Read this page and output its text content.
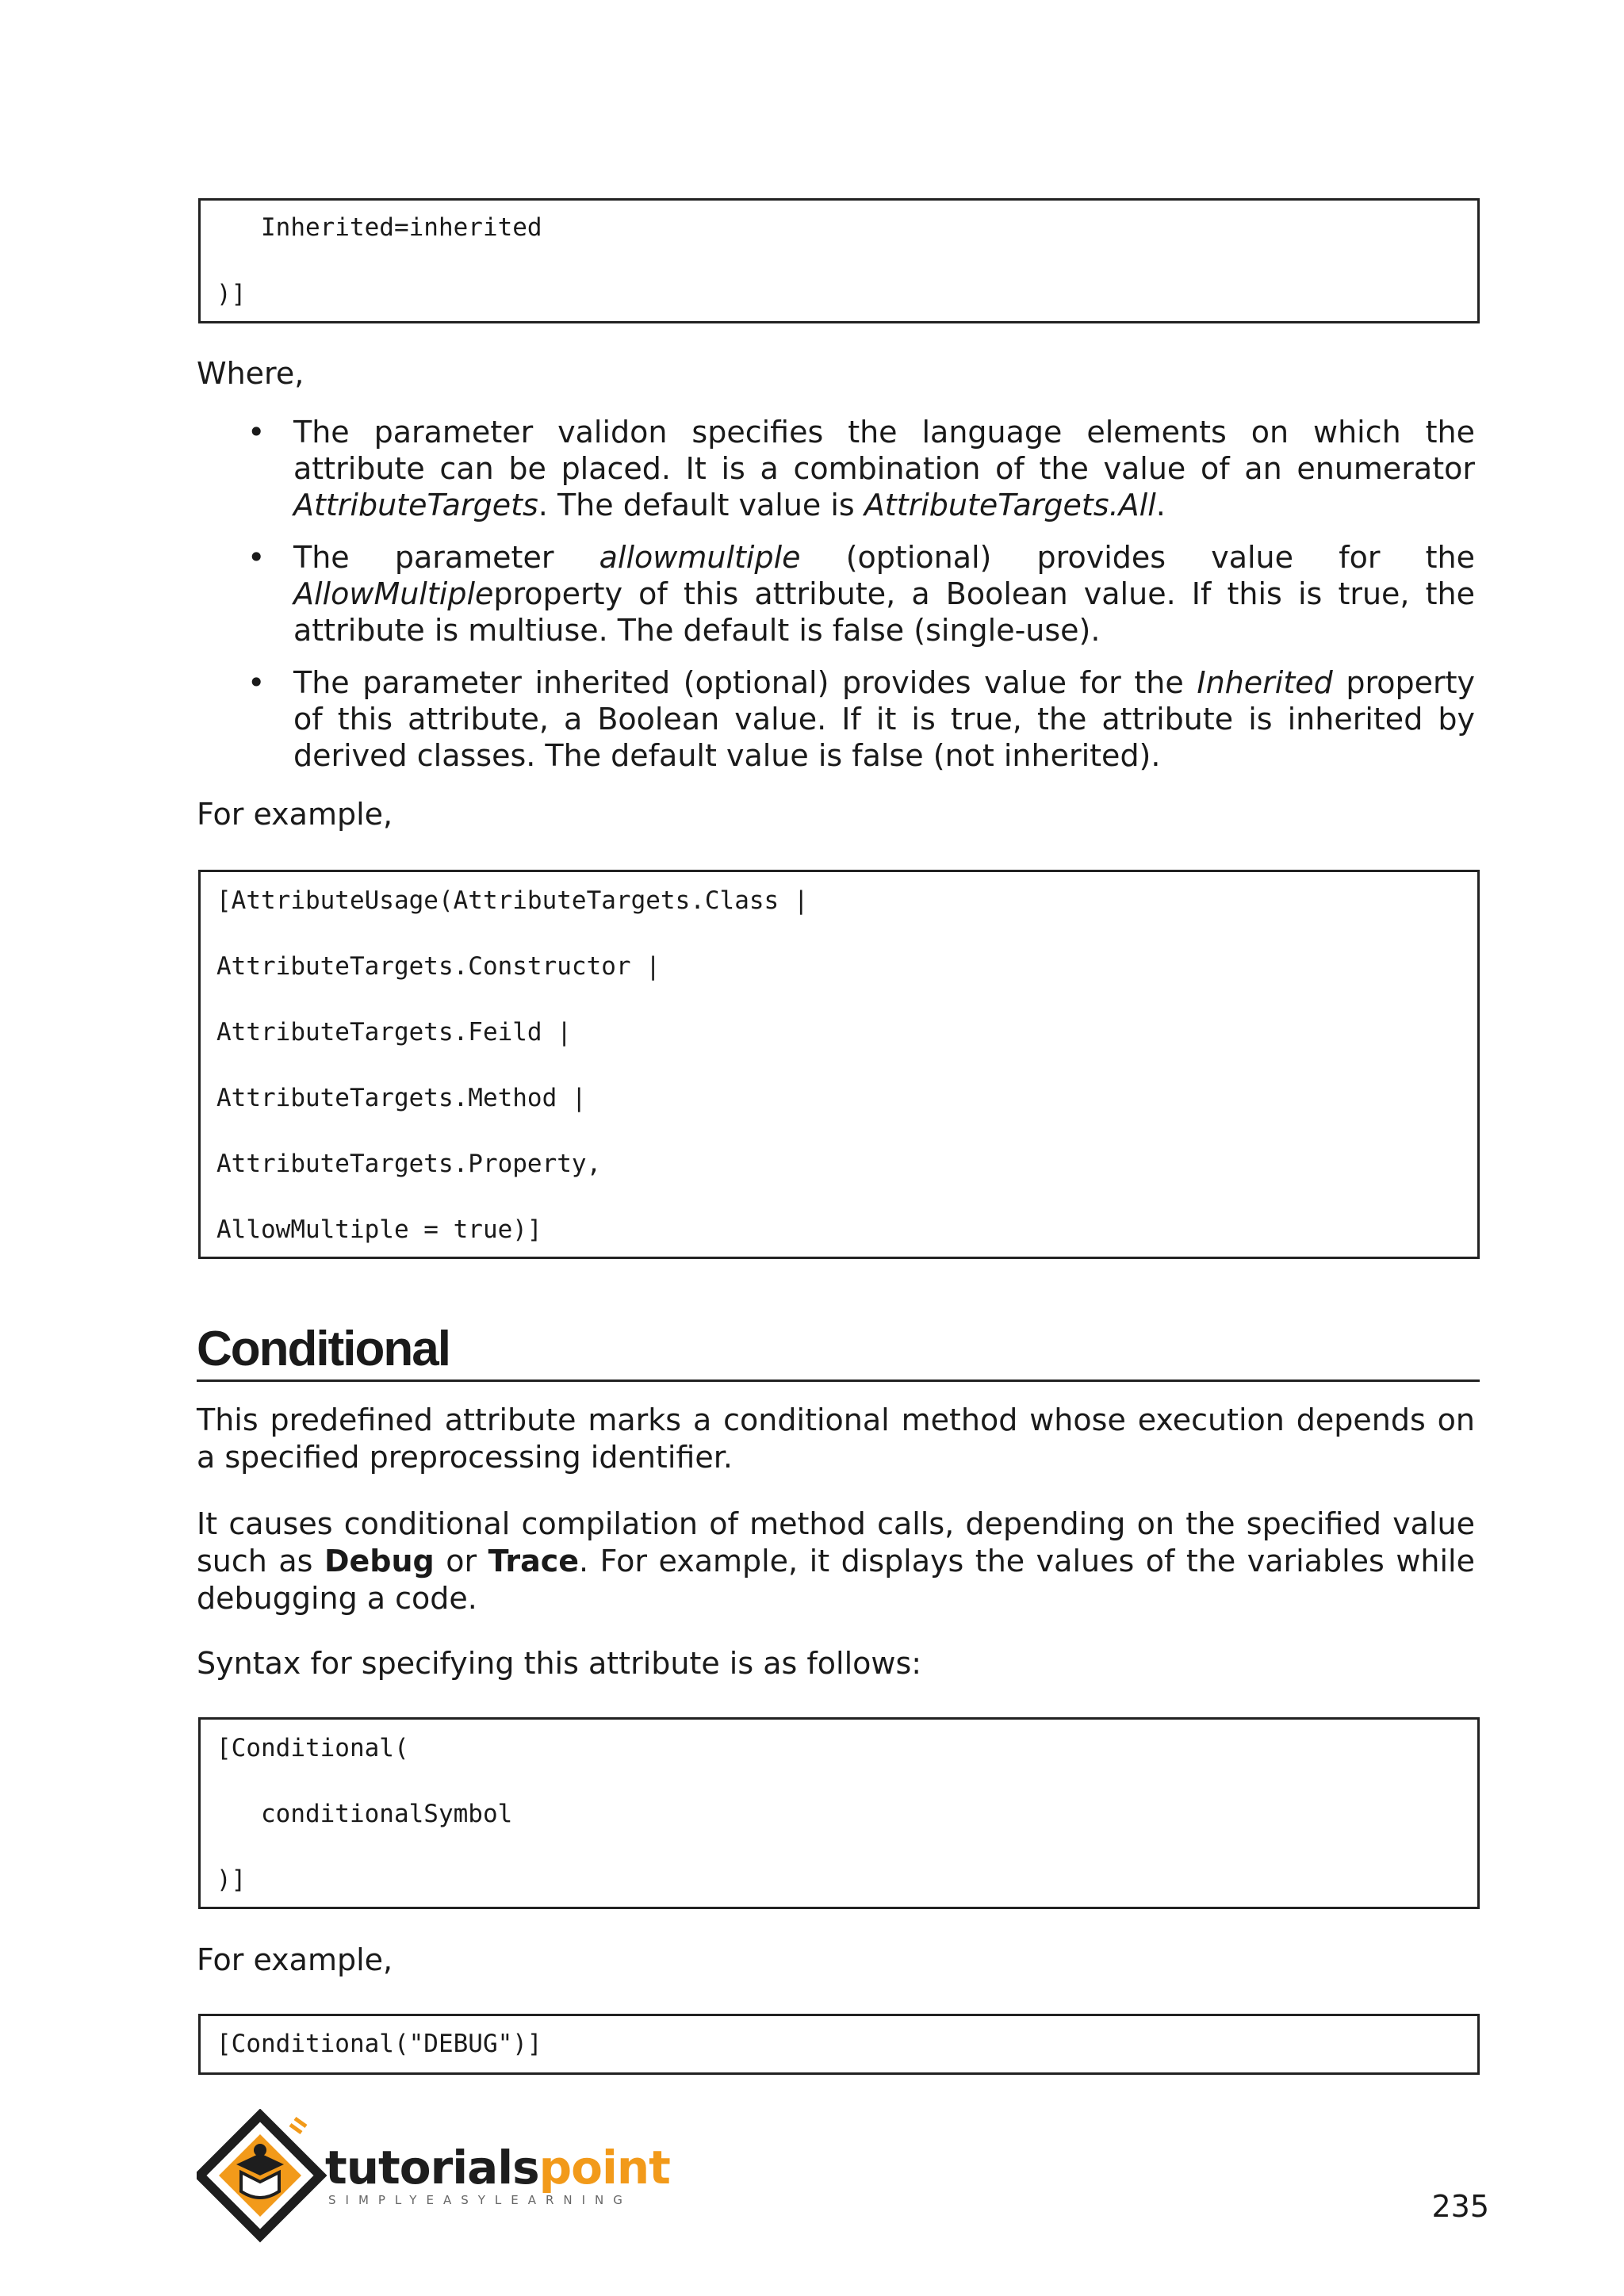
Inherited=inherited
)]

Where,

• The parameter validon specifies the language elements on which the attribute can be placed. It is a combination of the value of an enumerator AttributeTargets. The default value is AttributeTargets.All.
• The parameter allowmultiple (optional) provides value for the AllowMultipleproperty of this attribute, a Boolean value. If this is true, the attribute is multiuse. The default is false (single-use).
• The parameter inherited (optional) provides value for the Inherited property of this attribute, a Boolean value. If it is true, the attribute is inherited by derived classes. The default value is false (not inherited).

For example,

[AttributeUsage(AttributeTargets.Class |
AttributeTargets.Constructor |
AttributeTargets.Feild |
AttributeTargets.Method |
AttributeTargets.Property,
AllowMultiple = true)]
Conditional

This predefined attribute marks a conditional method whose execution depends on a specified preprocessing identifier.

It causes conditional compilation of method calls, depending on the specified value such as Debug or Trace. For example, it displays the values of the variables while debugging a code.

Syntax for specifying this attribute is as follows:

[Conditional(
conditionalSymbol
)]

For example,

[Conditional("DEBUG")]
tutorialspoint
SIMPLYEASYLEARNING	235
